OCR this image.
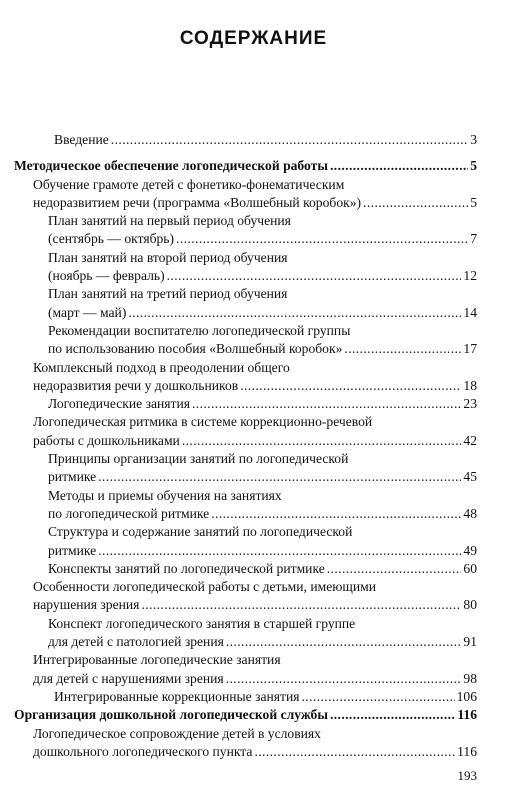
СОДЕРЖАНИЕ
Введение . . .	3
Методическое обеспечение логопедической работы . . .	5
Обучение грамоте детей с фонетико-фонематическим
недоразвитием речи (программа «Волшебный коробок») . . .	5
План занятий на первый период обучения
(сентябрь — октябрь) . . .	7
План занятий на второй период обучения
(ноябрь — февраль) . . .	12
План занятий на третий период обучения
(март — май) . . .	14
Рекомендации воспитателю логопедической группы
по использованию пособия «Волшебный коробок» . . .	17
Комплексный подход в преодолении общего
недоразвития речи у дошкольников . . .	18
Логопедические занятия . . .	23
Логопедическая ритмика в системе коррекционно-речевой
работы с дошкольниками . . .	42
Принципы организации занятий по логопедической
ритмике . . .	45
Методы и приемы обучения на занятиях
по логопедической ритмике . . .	48
Структура и содержание занятий по логопедической
ритмике . . .	49
Конспекты занятий по логопедической ритмике . . .	60
Особенности логопедической работы с детьми, имеющими
нарушения зрения . . .	80
Конспект логопедического занятия в старшей группе
для детей с патологией зрения . . .	91
Интегрированные логопедические занятия
для детей с нарушениями зрения . . .	98
Интегрированные коррекционные занятия . . .	106
Организация дошкольной логопедической службы . . .	116
Логопедическое сопровождение детей в условиях
дошкольного логопедического пункта . . .	116
193
